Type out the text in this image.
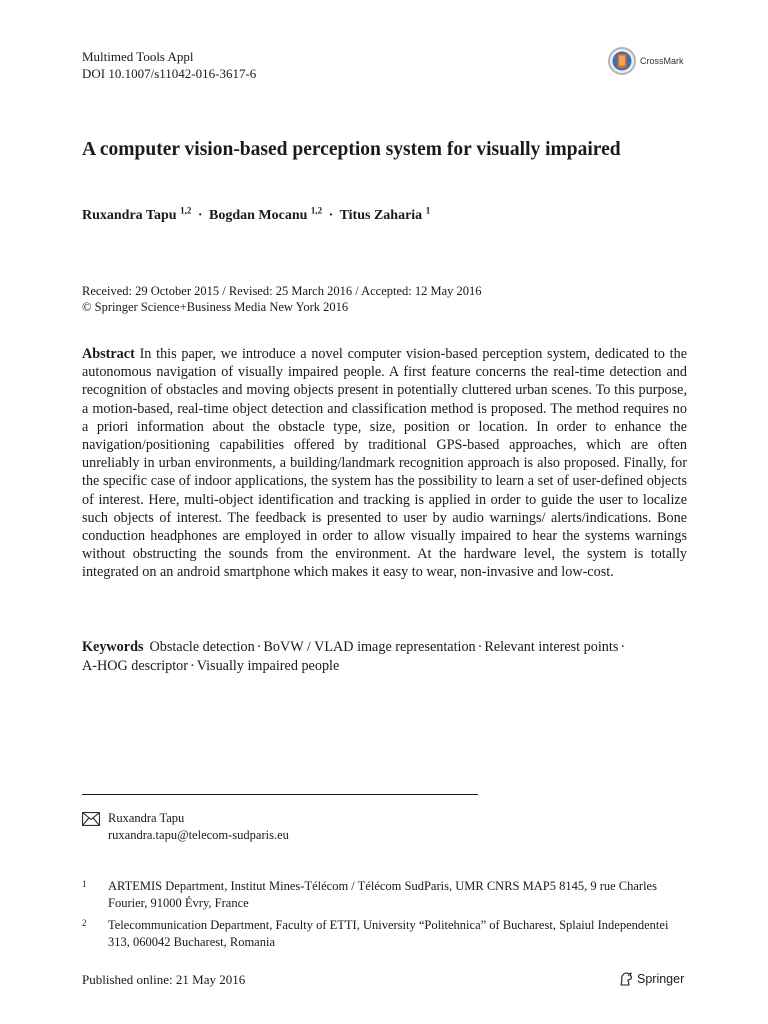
Multimed Tools Appl
DOI 10.1007/s11042-016-3617-6
CrossMark
A computer vision-based perception system for visually impaired
Ruxandra Tapu $^{1,2}$ · Bogdan Mocanu $^{1,2}$ · Titus Zaharia $^1$
Received: 29 October 2015 / Revised: 25 March 2016 / Accepted: 12 May 2016
© Springer Science+Business Media New York 2016
Abstract In this paper, we introduce a novel computer vision-based perception system, dedicated to the autonomous navigation of visually impaired people. A first feature concerns the real-time detection and recognition of obstacles and moving objects present in potentially cluttered urban scenes. To this purpose, a motion-based, real-time object detection and classification method is proposed. The method requires no a priori information about the obstacle type, size, position or location. In order to enhance the navigation/positioning capabilities offered by traditional GPS-based approaches, which are often unreliably in urban environments, a building/landmark recognition approach is also proposed. Finally, for the specific case of indoor applications, the system has the possibility to learn a set of user-defined objects of interest. Here, multi-object identification and tracking is applied in order to guide the user to localize such objects of interest. The feedback is presented to user by audio warnings/ alerts/indications. Bone conduction headphones are employed in order to allow visually impaired to hear the systems warnings without obstructing the sounds from the environment. At the hardware level, the system is totally integrated on an android smartphone which makes it easy to wear, non-invasive and low-cost.
Keywords Obstacle detection · BoVW / VLAD image representation · Relevant interest points ·
A-HOG descriptor · Visually impaired people
Ruxandra Tapu
ruxandra.tapu@telecom-sudparis.eu
1	ARTEMIS Department, Institut Mines-Télécom / Télécom SudParis, UMR CNRS MAP5 8145, 9 rue Charles Fourier, 91000 Évry, France
2	Telecommunication Department, Faculty of ETTI, University “Politehnica” of Bucharest, Splaiul Independentei 313, 060042 Bucharest, Romania
Published online: 21 May 2016	Springer
